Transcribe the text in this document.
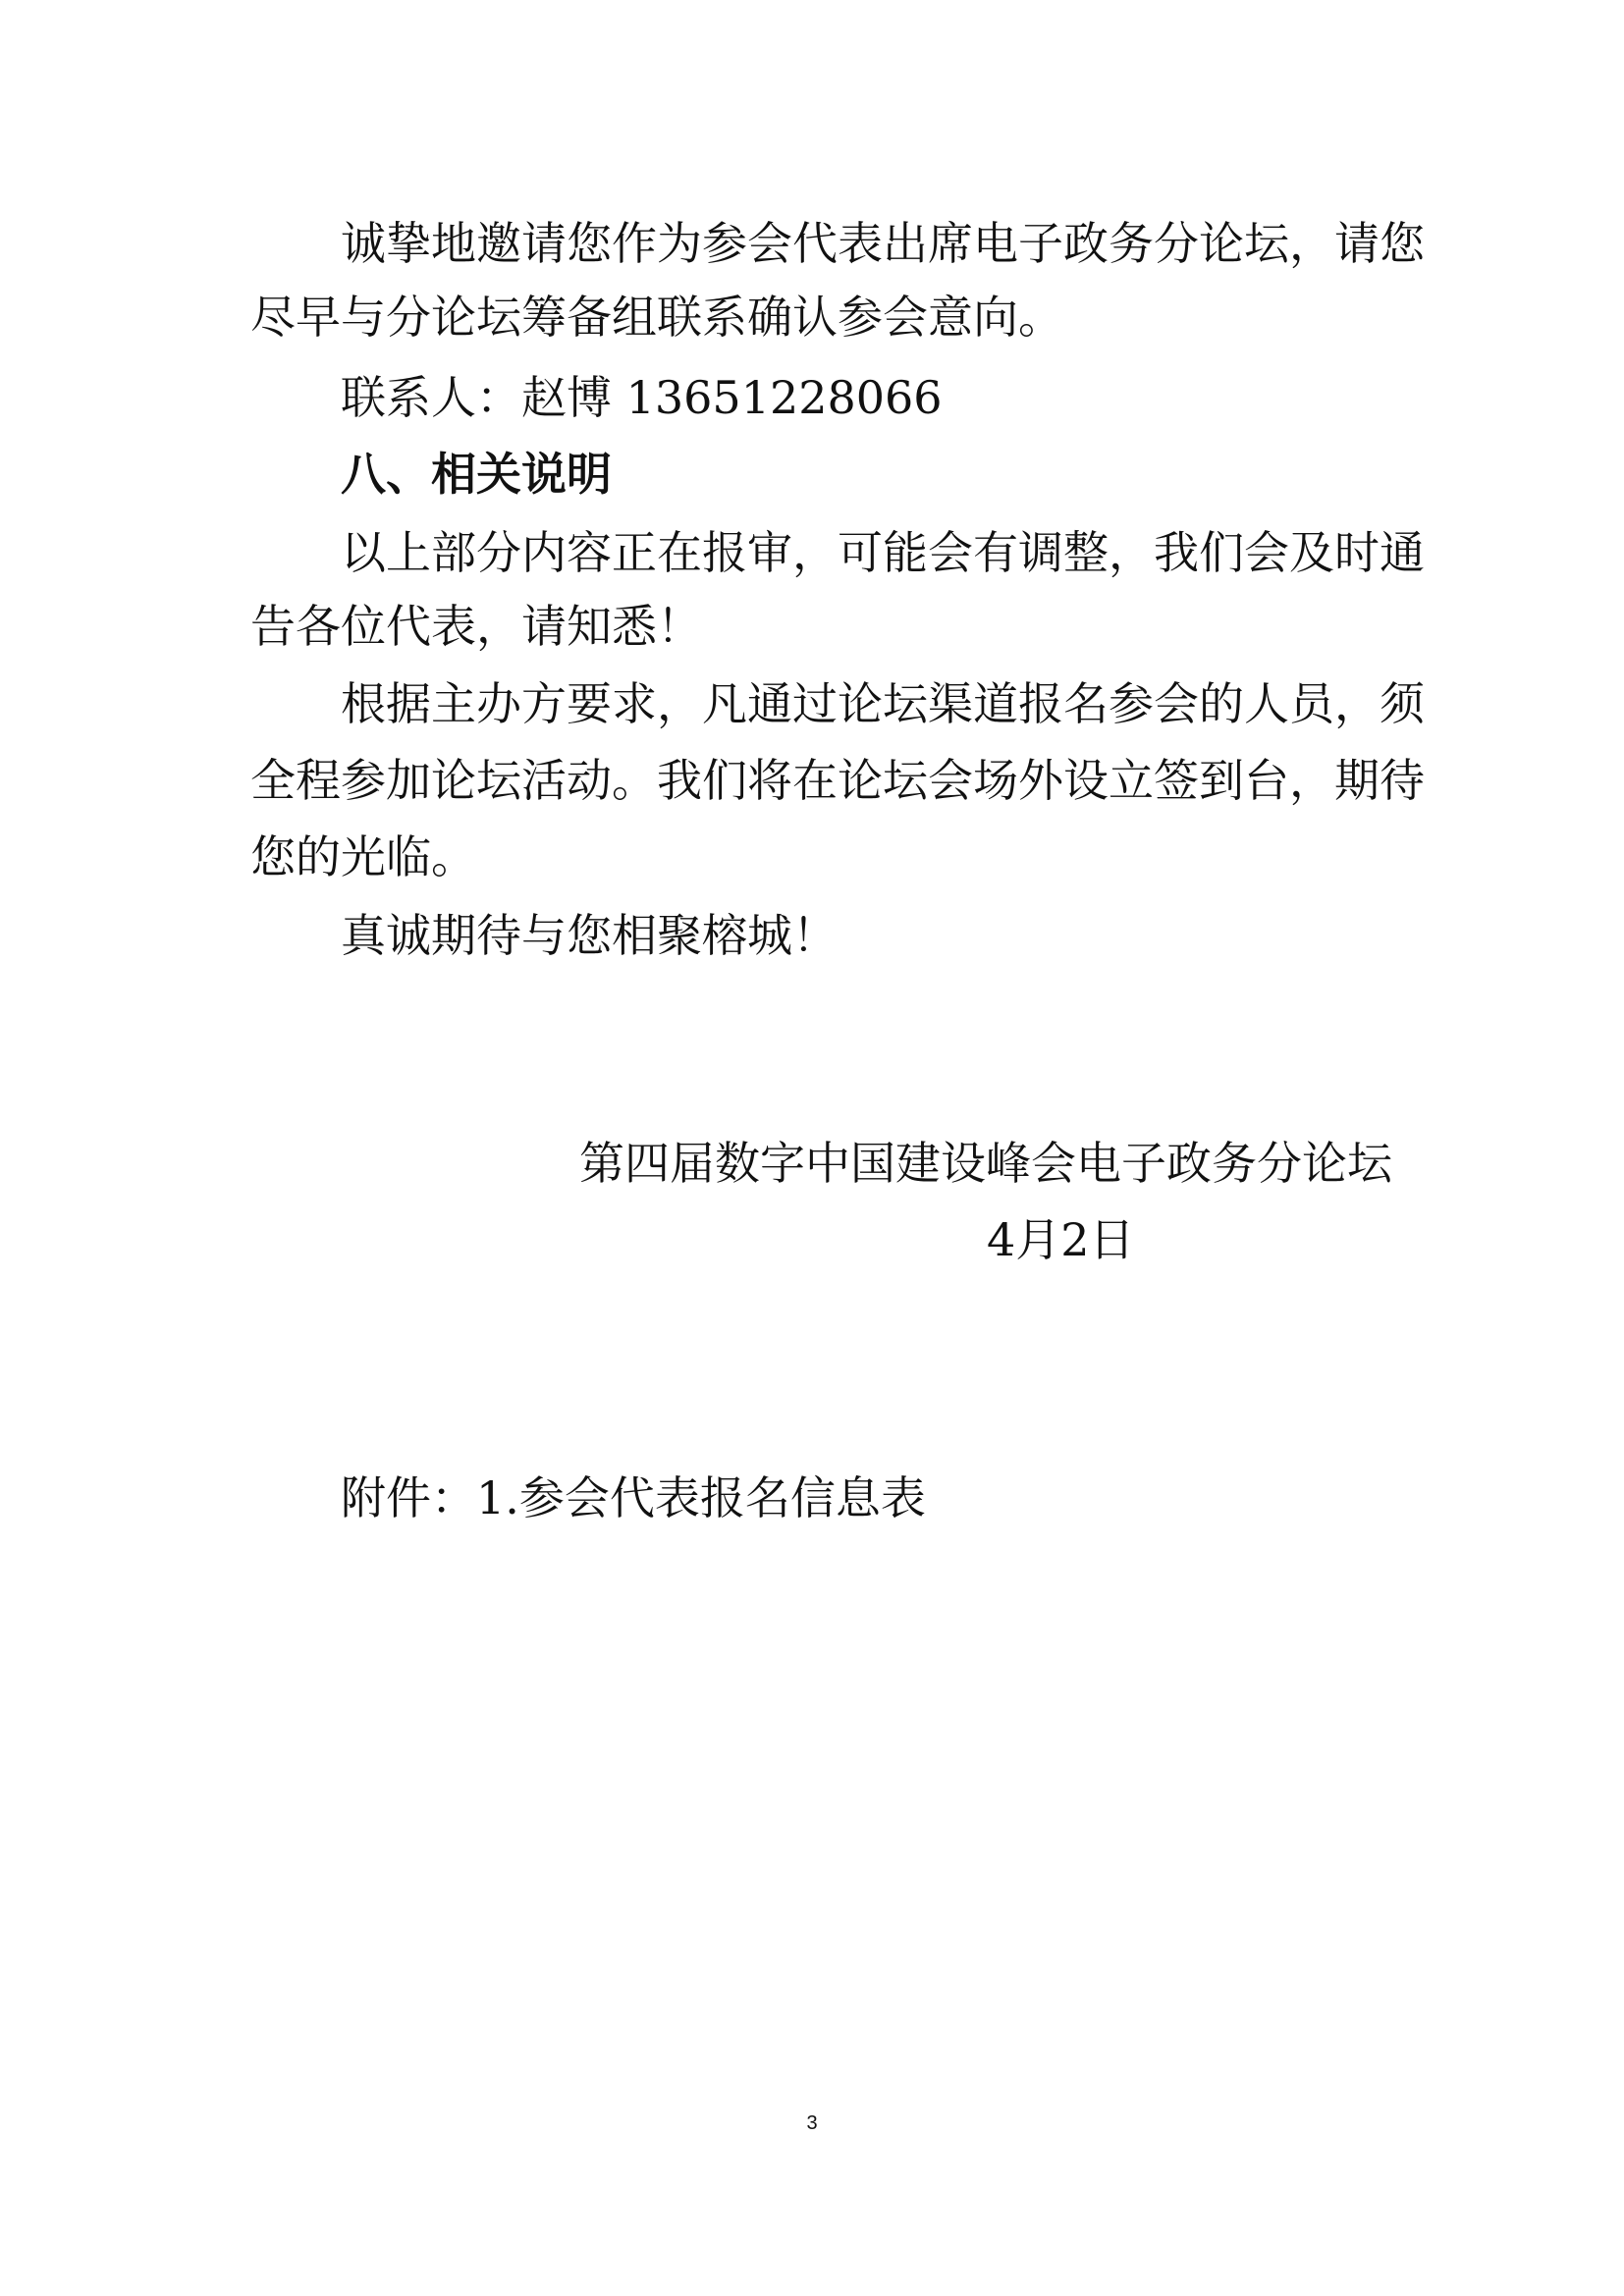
诚挚地邀请您作为参会代表出席电子政务分论坛，请您
尽早与分论坛筹备组联系确认参会意向。
联系人：赵博 13651228066
八、相关说明
以上部分内容正在报审，可能会有调整，我们会及时通
告各位代表，请知悉！
根据主办方要求，凡通过论坛渠道报名参会的人员，须
全程参加论坛活动。我们将在论坛会场外设立签到台，期待
您的光临。
真诚期待与您相聚榕城！
第四届数字中国建设峰会电子政务分论坛
4月2日
附件：1.参会代表报名信息表
3
